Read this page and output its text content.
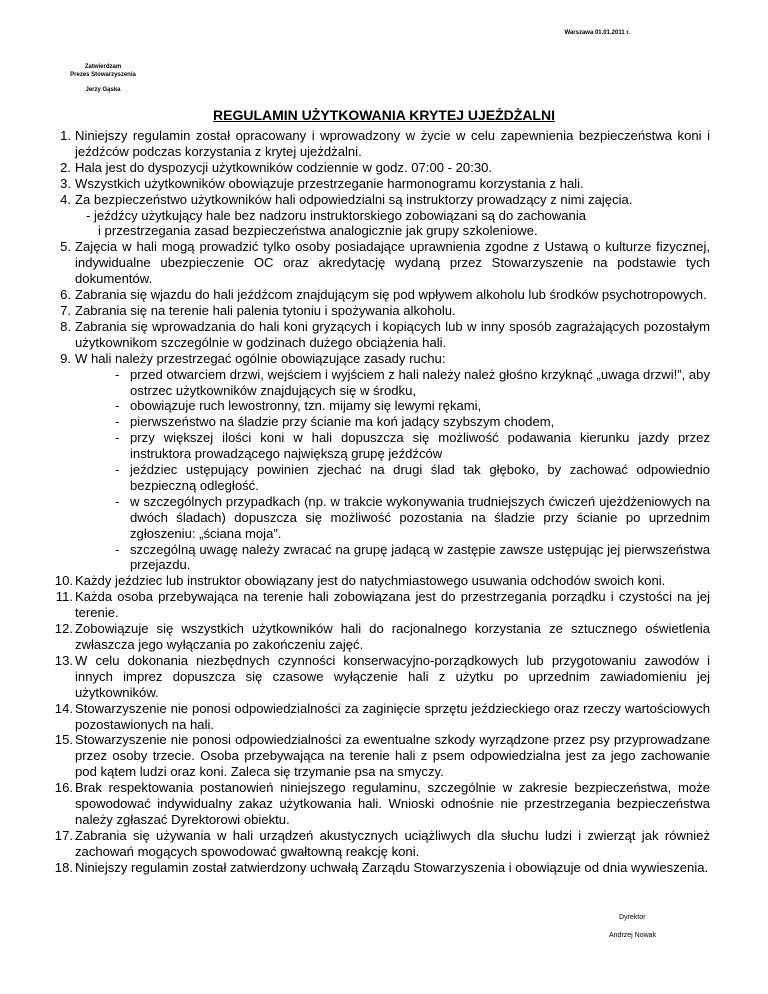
Warszawa 01.01.2011 r.
Zatwierdzam
Prezes Stowarzyszenia
Jerzy Gąska
REGULAMIN UŻYTKOWANIA KRYTEJ UJEŻDŻALNI
1. Niniejszy regulamin został opracowany i wprowadzony w życie w celu zapewnienia bezpieczeństwa koni i jeźdźców podczas korzystania z krytej ujeżdżalni.
2. Hala jest do dyspozycji użytkowników codziennie w godz. 07:00 - 20:30.
3. Wszystkich użytkowników obowiązuje przestrzeganie harmonogramu korzystania z hali.
4. Za bezpieczeństwo użytkowników hali odpowiedzialni są instruktorzy prowadzący z nimi zajęcia.
- jeźdźcy użytkujący hale bez nadzoru instruktorskiego zobowiązani są do zachowania
i przestrzegania zasad bezpieczeństwa analogicznie jak grupy szkoleniowe.
5. Zajęcia w hali mogą prowadzić tylko osoby posiadające uprawnienia zgodne z Ustawą o kulturze fizycznej, indywidualne ubezpieczenie OC oraz akredytację wydaną przez Stowarzyszenie na podstawie tych dokumentów.
6. Zabrania się wjazdu do hali jeźdźcom znajdującym się pod wpływem alkoholu lub środków psychotropowych.
7. Zabrania się na terenie hali palenia tytoniu i spożywania alkoholu.
8. Zabrania się wprowadzania do hali koni gryzących i kopiących lub w inny sposób zagrażających pozostałym użytkownikom szczególnie w godzinach dużego obciążenia hali.
9. W hali należy przestrzegać ogólnie obowiązujące zasady ruchu:
- przed otwarciem drzwi, wejściem i wyjściem z hali należy należ głośno krzyknąć „uwaga drzwi!”, aby ostrzec użytkowników znajdujących się w środku,
- obowiązuje ruch lewostronny, tzn. mijamy się lewymi rękami,
- pierwszeństwo na śladzie przy ścianie ma koń jadący szybszym chodem,
- przy większej ilości koni w hali dopuszcza się możliwość podawania kierunku jazdy przez instruktora prowadzącego największą grupę jeźdźców
- jeździec ustępujący powinien zjechać na drugi ślad tak głęboko, by zachować odpowiednio bezpieczną odległość.
- w szczególnych przypadkach (np. w trakcie wykonywania trudniejszych ćwiczeń ujeżdżeniowych na dwóch śladach) dopuszcza się możliwość pozostania na śladzie przy ścianie po uprzednim zgłoszeniu: „ściana moja”.
- szczególną uwagę należy zwracać na grupę jadącą w zastępie zawsze ustępując jej pierwszeństwa przejazdu.
10. Każdy jeździec lub instruktor obowiązany jest do natychmiastowego usuwania odchodów swoich koni.
11. Każda osoba przebywająca na terenie hali zobowiązana jest do przestrzegania porządku i czystości na jej terenie.
12. Zobowiązuje się wszystkich użytkowników hali do racjonalnego korzystania ze sztucznego oświetlenia zwłaszcza jego wyłączania po zakończeniu zajęć.
13. W celu dokonania niezbędnych czynności konserwacyjno-porządkowych lub przygotowaniu zawodów i innych imprez dopuszcza się czasowe wyłączenie hali z użytku po uprzednim zawiadomieniu jej użytkowników.
14. Stowarzyszenie nie ponosi odpowiedzialności za zaginięcie sprzętu jeździeckiego oraz rzeczy wartościowych pozostawionych na hali.
15. Stowarzyszenie nie ponosi odpowiedzialności za ewentualne szkody wyrządzone przez psy przyprowadzane przez osoby trzecie. Osoba przebywająca na terenie hali z psem odpowiedzialna jest za jego zachowanie pod kątem ludzi oraz koni. Zaleca się trzymanie psa na smyczy.
16. Brak respektowania postanowień niniejszego regulaminu, szczególnie w zakresie bezpieczeństwa, może spowodować indywidualny zakaz użytkowania hali. Wnioski odnośnie nie przestrzegania bezpieczeństwa należy zgłaszać Dyrektorowi obiektu.
17. Zabrania się używania w hali urządzeń akustycznych uciążliwych dla słuchu ludzi i zwierząt jak również zachowań mogących spowodować gwałtowną reakcję koni.
18. Niniejszy regulamin został zatwierdzony uchwałą Zarządu Stowarzyszenia i obowiązuje od dnia wywieszenia.
Dyrektor
Andrzej Nowak
